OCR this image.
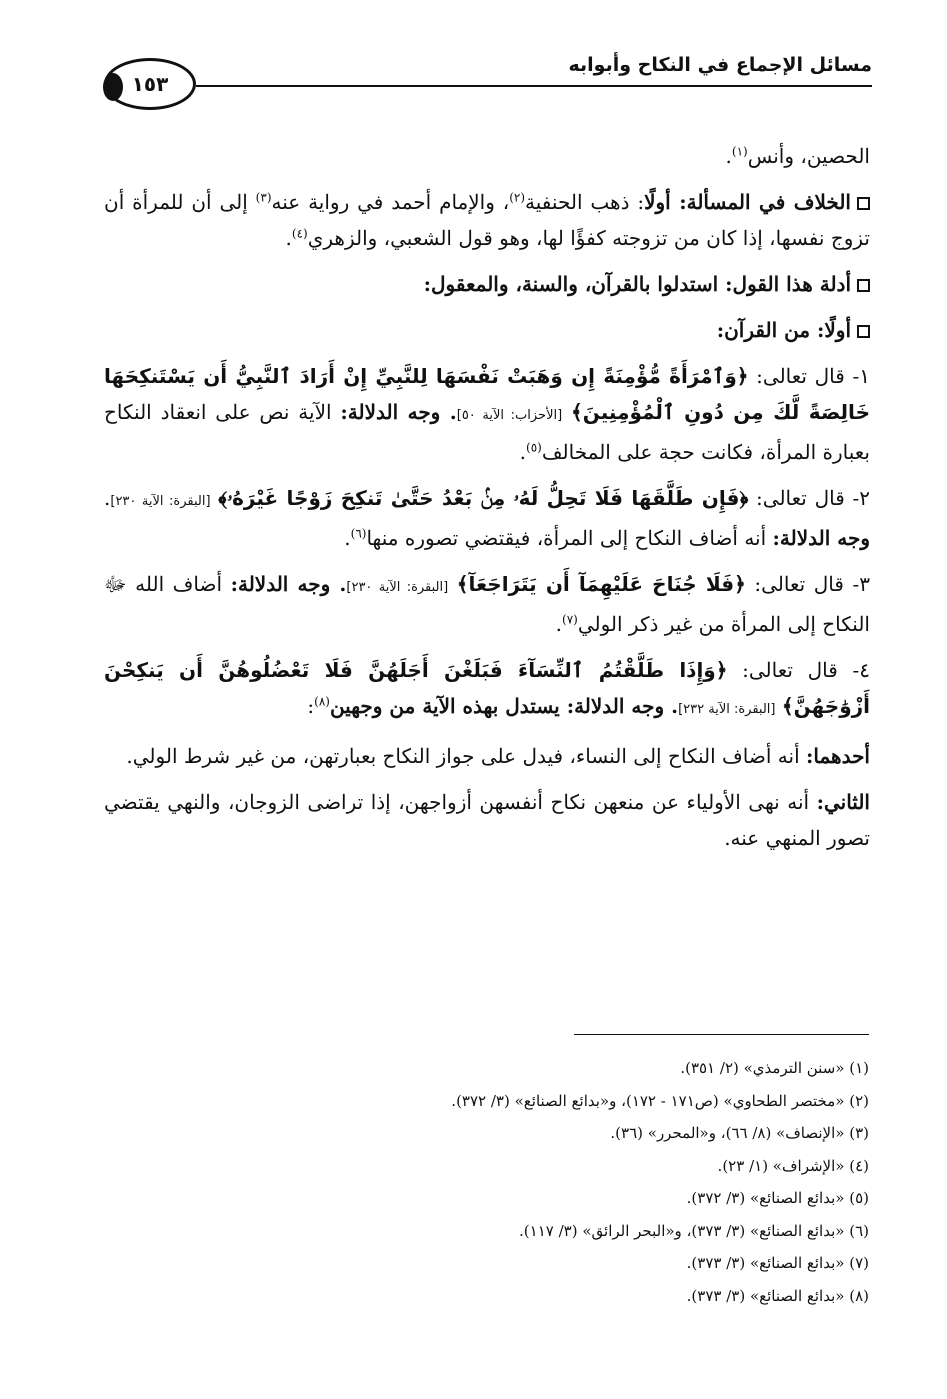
مسائل الإجماع في النكاح وأبوابه
١٥٣

الحصين، وأنس$^{(١)}$.

الخلاف في المسألة: أولًا: ذهب الحنفية$^{(٢)}$، والإمام أحمد في رواية عنه$^{(٣)}$ إلى أن للمرأة أن تزوج نفسها، إذا كان من تزوجته كفؤًا لها، وهو قول الشعبي، والزهري$^{(٤)}$.

أدلة هذا القول: استدلوا بالقرآن، والسنة، والمعقول:

أولًا: من القرآن:

١- قال تعالى: ﴿وَٱمْرَأَةً مُّؤْمِنَةً إِن وَهَبَتْ نَفْسَهَا لِلنَّبِيِّ إِنْ أَرَادَ ٱلنَّبِيُّ أَن يَسْتَنكِحَهَا خَالِصَةً لَّكَ مِن دُونِ ٱلْمُؤْمِنِينَ﴾ [الأحزاب: الآية ٥٠]. وجه الدلالة: الآية نص على انعقاد النكاح بعبارة المرأة، فكانت حجة على المخالف$^{(٥)}$.

٢- قال تعالى: ﴿فَإِن طَلَّقَهَا فَلَا تَحِلُّ لَهُۥ مِنۢ بَعْدُ حَتَّىٰ تَنكِحَ زَوْجًا غَيْرَهُۥ﴾ [البقرة: الآية ٢٣٠]. وجه الدلالة: أنه أضاف النكاح إلى المرأة، فيقتضي تصوره منها$^{(٦)}$.

٣- قال تعالى: ﴿فَلَا جُنَاحَ عَلَيْهِمَآ أَن يَتَرَاجَعَآ﴾ [البقرة: الآية ٢٣٠]. وجه الدلالة: أضاف الله ﷻ النكاح إلى المرأة من غير ذكر الولي$^{(٧)}$.

٤- قال تعالى: ﴿وَإِذَا طَلَّقْتُمُ ٱلنِّسَآءَ فَبَلَغْنَ أَجَلَهُنَّ فَلَا تَعْضُلُوهُنَّ أَن يَنكِحْنَ أَزْوَٰجَهُنَّ﴾ [البقرة: الآية ٢٣٢]. وجه الدلالة: يستدل بهذه الآية من وجهين$^{(٨)}$:

أحدهما: أنه أضاف النكاح إلى النساء، فيدل على جواز النكاح بعبارتهن، من غير شرط الولي.

الثاني: أنه نهى الأولياء عن منعهن نكاح أنفسهن أزواجهن، إذا تراضى الزوجان، والنهي يقتضي تصور المنهي عنه.

(١) «سنن الترمذي» (٢/ ٣٥١).
(٢) «مختصر الطحاوي» (ص١٧١ - ١٧٢)، و«بدائع الصنائع» (٣/ ٣٧٢).
(٣) «الإنصاف» (٨/ ٦٦)، و«المحرر» (٣٦).
(٤) «الإشراف» (١/ ٢٣).
(٥) «بدائع الصنائع» (٣/ ٣٧٢).
(٦) «بدائع الصنائع» (٣/ ٣٧٣)، و«البحر الرائق» (٣/ ١١٧).
(٧) «بدائع الصنائع» (٣/ ٣٧٣).
(٨) «بدائع الصنائع» (٣/ ٣٧٣).
